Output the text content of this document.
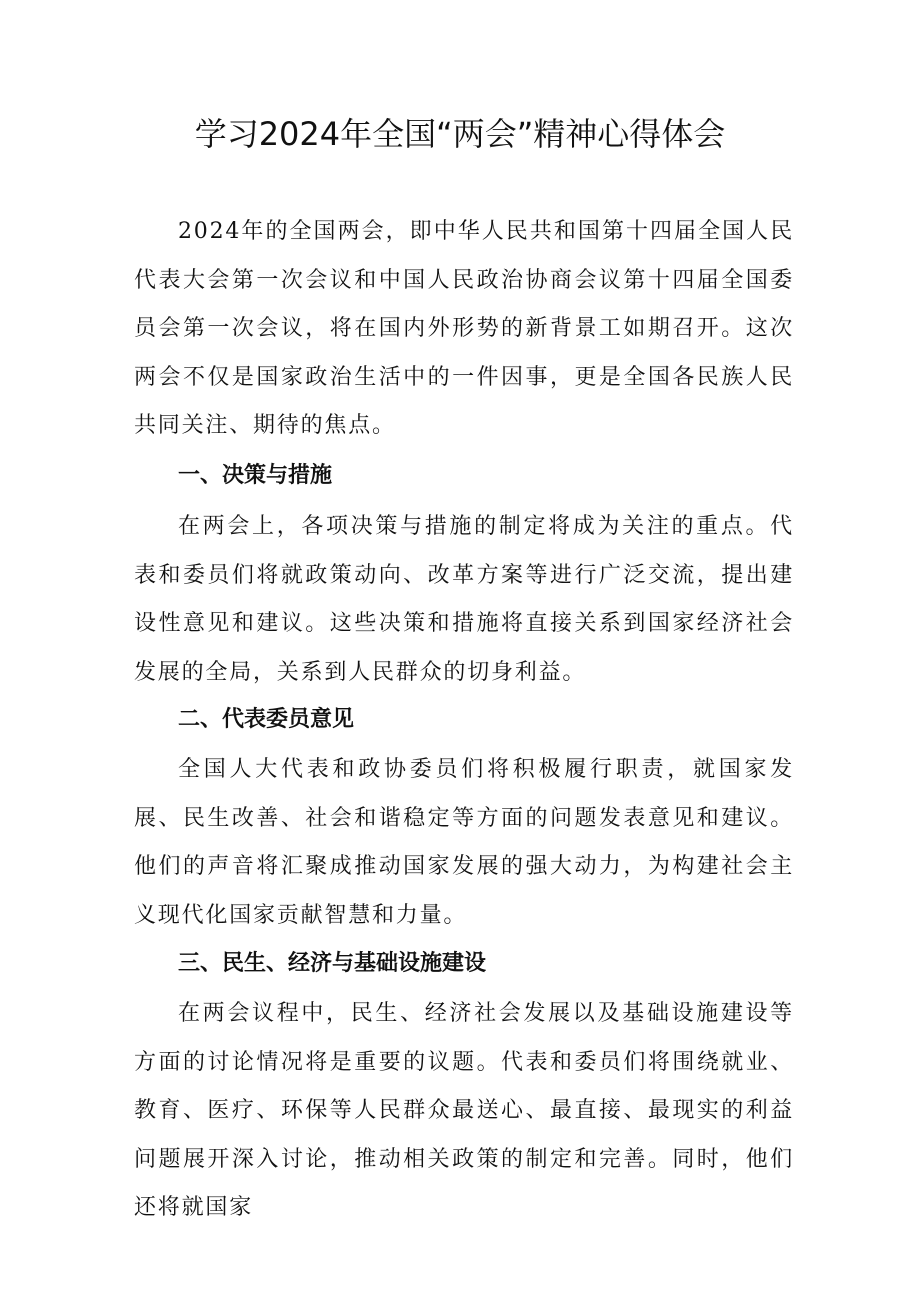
学习2024年全国“两会”精神心得体会

2024年的全国两会，即中华人民共和国第十四届全国人民代表大会第一次会议和中国人民政治协商会议第十四届全国委员会第一次会议，将在国内外形势的新背景工如期召开。这次两会不仅是国家政治生活中的一件因事，更是全国各民族人民共同关注、期待的焦点。

一、决策与措施

在两会上，各项决策与措施的制定将成为关注的重点。代表和委员们将就政策动向、改革方案等进行广泛交流，提出建设性意见和建议。这些决策和措施将直接关系到国家经济社会发展的全局，关系到人民群众的切身利益。

二、代表委员意见

全国人大代表和政协委员们将积极履行职责，就国家发展、民生改善、社会和谐稳定等方面的问题发表意见和建议。他们的声音将汇聚成推动国家发展的强大动力，为构建社会主义现代化国家贡献智慧和力量。

三、民生、经济与基础设施建设

在两会议程中，民生、经济社会发展以及基础设施建设等方面的讨论情况将是重要的议题。代表和委员们将围绕就业、教育、医疗、环保等人民群众最送心、最直接、最现实的利益问题展开深入讨论，推动相关政策的制定和完善。同时，他们还将就国家
